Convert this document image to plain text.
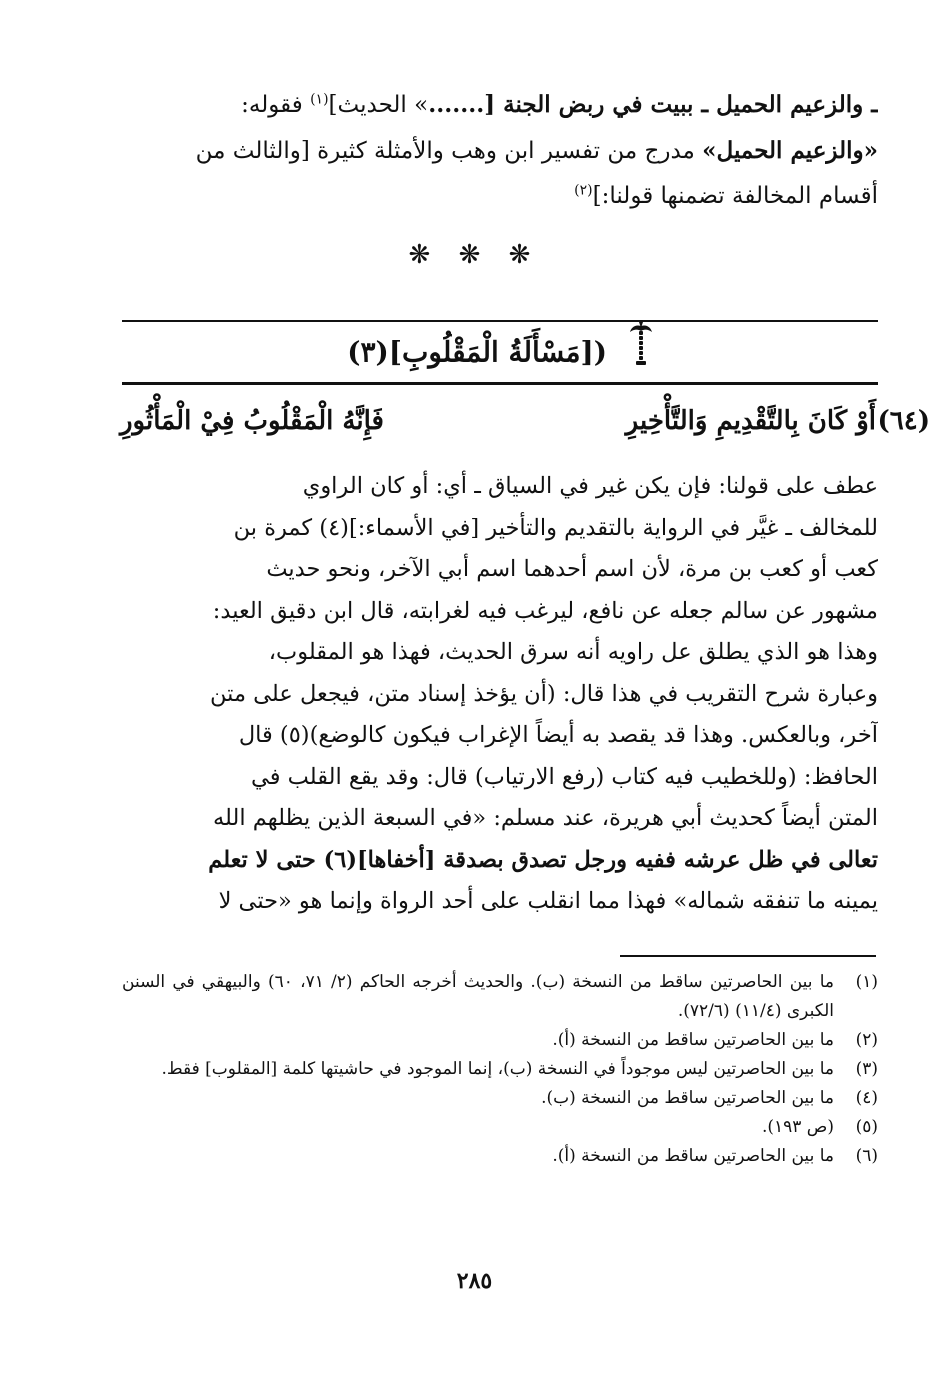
ـ والزعيم الحميل ـ ببيت في ربض الجنة [.......» الحديث]$^{(١)}$ فقوله:
«والزعيم الحميل» مدرج من تفسير ابن وهب والأمثلة كثيرة [والثالث من
أقسام المخالفة تضمنها قولنا:]$^{(٢)}$
❋ ❋ ❋
([مَسْأَلَةُ الْمَقْلُوبِ](٣)
(٦٤)
أَوْ كَانَ بِالتَّقْدِيمِ وَالتَّأْخِيرِ
فَإِنَّهُ الْمَقْلُوبُ فِيْ الْمَأْثُورِ
عطف على قولنا: فإن يكن غير في السياق ـ أي: أو كان الراوي
للمخالف ـ غيَّر في الرواية بالتقديم والتأخير [في الأسماء:](٤) كمرة بن
كعب أو كعب بن مرة، لأن اسم أحدهما اسم أبي الآخر، ونحو حديث
مشهور عن سالم جعله عن نافع، ليرغب فيه لغرابته، قال ابن دقيق العيد:
وهذا هو الذي يطلق عل راويه أنه سرق الحديث، فهذا هو المقلوب،
وعبارة شرح التقريب في هذا قال: (أن يؤخذ إسناد متن، فيجعل على متن
آخر، وبالعكس. وهذا قد يقصد به أيضاً الإغراب فيكون كالوضع)(٥) قال
الحافظ: (وللخطيب فيه كتاب (رفع الارتياب) قال: وقد يقع القلب في
المتن أيضاً كحديث أبي هريرة، عند مسلم: «في السبعة الذين يظلهم الله
تعالى في ظل عرشه ففيه ورجل تصدق بصدقة [أخفاها](٦) حتى لا تعلم
يمينه ما تنفقه شماله» فهذا مما انقلب على أحد الرواة وإنما هو «حتى لا
(١)
ما بين الحاصرتين ساقط من النسخة (ب). والحديث أخرجه الحاكم (٢/ ٧١، ٦٠) والبيهقي في السنن الكبرى (١١/٤) (٧٢/٦).
(٢)
ما بين الحاصرتين ساقط من النسخة (أ).
(٣)
ما بين الحاصرتين ليس موجوداً في النسخة (ب)، إنما الموجود في حاشيتها كلمة [المقلوب] فقط.
(٤)
ما بين الحاصرتين ساقط من النسخة (ب).
(٥)
(ص ١٩٣).
(٦)
ما بين الحاصرتين ساقط من النسخة (أ).
٢٨٥
